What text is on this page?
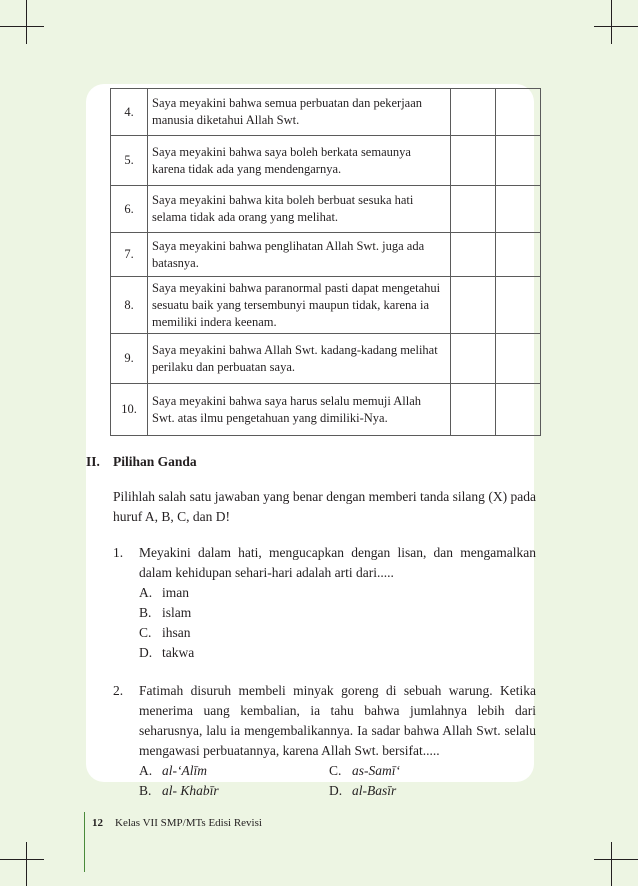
4.	Saya meyakini bahwa semua perbuatan dan pekerjaan manusia diketahui Allah Swt.		
5.	Saya meyakini bahwa saya boleh berkata semaunya karena tidak ada yang mendengarnya.		
6.	Saya meyakini bahwa kita boleh berbuat sesuka hati selama tidak ada orang yang melihat.		
7.	Saya meyakini bahwa penglihatan Allah Swt. juga ada batasnya.		
8.	Saya meyakini bahwa paranormal pasti dapat mengetahui sesuatu baik yang tersembunyi maupun tidak, karena ia memiliki indera keenam.		
9.	Saya meyakini bahwa Allah Swt. kadang-kadang melihat perilaku dan perbuatan saya.		
10.	Saya meyakini bahwa saya harus selalu memuji Allah Swt. atas ilmu pengetahuan yang dimiliki-Nya.		
II. Pilihan Ganda
Pilihlah salah satu jawaban yang benar dengan memberi tanda silang (X) pada huruf A, B, C, dan D!
1. Meyakini dalam hati, mengucapkan dengan lisan, dan mengamalkan dalam kehidupan sehari-hari adalah arti dari.....
A. iman
B. islam
C. ihsan
D. takwa
2. Fatimah disuruh membeli minyak goreng di sebuah warung. Ketika menerima uang kembalian, ia tahu bahwa jumlahnya lebih dari seharusnya, lalu ia mengembalikannya. Ia sadar bahwa Allah Swt. selalu mengawasi perbuatannya, karena Allah Swt. bersifat.....
A. al-‘Alīm	C. as-Samī‘
B. al- Khabīr	D. al-Basīr
12 Kelas VII SMP/MTs Edisi Revisi
